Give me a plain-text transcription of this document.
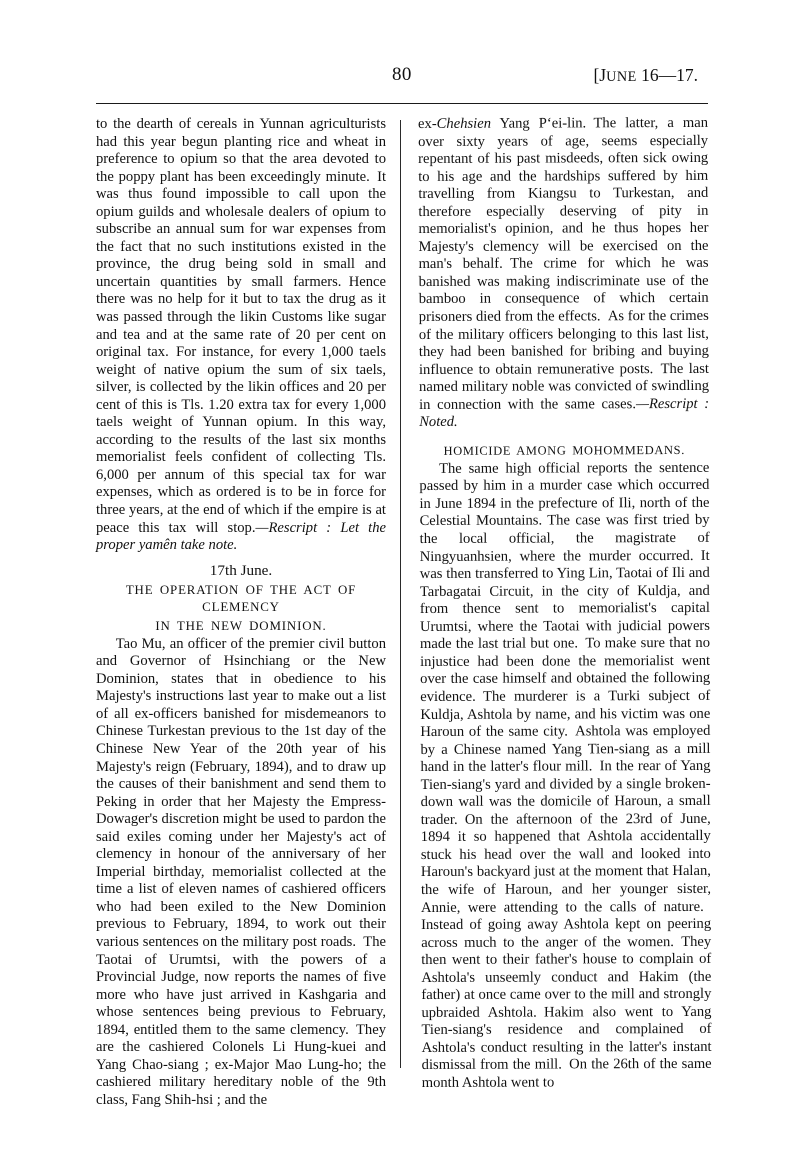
80	[JUNE 16—17.

to the dearth of cereals in Yunnan agriculturists had this year begun planting rice and wheat in preference to opium so that the area devoted to the poppy plant has been exceedingly minute. It was thus found impossible to call upon the opium guilds and wholesale dealers of opium to subscribe an annual sum for war expenses from the fact that no such institutions existed in the province, the drug being sold in small and uncertain quantities by small farmers. Hence there was no help for it but to tax the drug as it was passed through the likin Customs like sugar and tea and at the same rate of 20 per cent on original tax. For instance, for every 1,000 taels weight of native opium the sum of six taels, silver, is collected by the likin offices and 20 per cent of this is Tls. 1.20 extra tax for every 1,000 taels weight of Yunnan opium. In this way, according to the results of the last six months memorialist feels confident of collecting Tls. 6,000 per annum of this special tax for war expenses, which as ordered is to be in force for three years, at the end of which if the empire is at peace this tax will stop.—Rescript : Let the proper yamên take note.

17th June.

THE OPERATION OF THE ACT OF CLEMENCY

IN THE NEW DOMINION.

Tao Mu, an officer of the premier civil button and Governor of Hsinchiang or the New Dominion, states that in obedience to his Majesty's instructions last year to make out a list of all ex-officers banished for misdemeanors to Chinese Turkestan previous to the 1st day of the Chinese New Year of the 20th year of his Majesty's reign (February, 1894), and to draw up the causes of their banishment and send them to Peking in order that her Majesty the Empress-Dowager's discretion might be used to pardon the said exiles coming under her Majesty's act of clemency in honour of the anniversary of her Imperial birthday, memorialist collected at the time a list of eleven names of cashiered officers who had been exiled to the New Dominion previous to February, 1894, to work out their various sentences on the military post roads. The Taotai of Urumtsi, with the powers of a Provincial Judge, now reports the names of five more who have just arrived in Kashgaria and whose sentences being previous to February, 1894, entitled them to the same clemency. They are the cashiered Colonels Li Hung-kuei and Yang Chao-siang ; ex-Major Mao Lung-ho; the cashiered military hereditary noble of the 9th class, Fang Shih-hsi ; and the

ex-Chehsien Yang P‘ei-lin. The latter, a man over sixty years of age, seems especially repentant of his past misdeeds, often sick owing to his age and the hardships suffered by him travelling from Kiangsu to Turkestan, and therefore especially deserving of pity in memorialist's opinion, and he thus hopes her Majesty's clemency will be exercised on the man's behalf. The crime for which he was banished was making indiscriminate use of the bamboo in consequence of which certain prisoners died from the effects. As for the crimes of the military officers belonging to this last list, they had been banished for bribing and buying influence to obtain remunerative posts. The last named military noble was convicted of swindling in connection with the same cases.—Rescript : Noted.

HOMICIDE AMONG MOHOMMEDANS.

The same high official reports the sentence passed by him in a murder case which occurred in June 1894 in the prefecture of Ili, north of the Celestial Mountains. The case was first tried by the local official, the magistrate of Ningyuanhsien, where the murder occurred. It was then transferred to Ying Lin, Taotai of Ili and Tarbagatai Circuit, in the city of Kuldja, and from thence sent to memorialist's capital Urumtsi, where the Taotai with judicial powers made the last trial but one. To make sure that no injustice had been done the memorialist went over the case himself and obtained the following evidence. The murderer is a Turki subject of Kuldja, Ashtola by name, and his victim was one Haroun of the same city. Ashtola was employed by a Chinese named Yang Tien-siang as a mill hand in the latter's flour mill. In the rear of Yang Tien-siang's yard and divided by a single broken-down wall was the domicile of Haroun, a small trader. On the afternoon of the 23rd of June, 1894 it so happened that Ashtola accidentally stuck his head over the wall and looked into Haroun's backyard just at the moment that Halan, the wife of Haroun, and her younger sister, Annie, were attending to the calls of nature. Instead of going away Ashtola kept on peering across much to the anger of the women. They then went to their father's house to complain of Ashtola's unseemly conduct and Hakim (the father) at once came over to the mill and strongly upbraided Ashtola. Hakim also went to Yang Tien-siang's residence and complained of Ashtola's conduct resulting in the latter's instant dismissal from the mill. On the 26th of the same month Ashtola went to
